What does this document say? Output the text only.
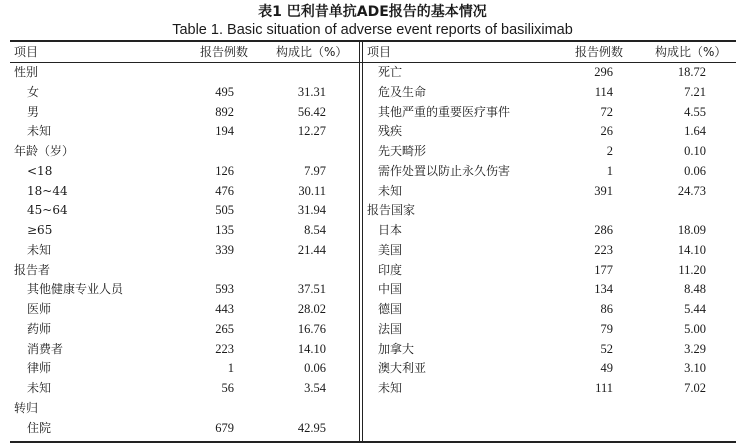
表1 巴利昔单抗ADE报告的基本情况
Table 1. Basic situation of adverse event reports of basiliximab
项目	报告例数 构成比（%） 项目	报告例数	构成比（%）
性别
女	495	31.31
男	892	56.42
未知	194	12.27
年龄（岁）
<18	126	7.97
18~44	476	30.11
45~64	505	31.94
≥65	135	8.54
未知	339	21.44
报告者
其他健康专业人员	593	37.51
医师	443	28.02
药师	265	16.76
消费者	223	14.10
律师	1	0.06
未知	56	3.54
转归
住院	679	42.95
死亡	296	18.72
危及生命	114	7.21
其他严重的重要医疗事件	72	4.55
残疾	26	1.64
先天畸形	2	0.10
需作处置以防止永久伤害	1	0.06
未知	391	24.73
报告国家
日本	286	18.09
美国	223	14.10
印度	177	11.20
中国	134	8.48
德国	86	5.44
法国	79	5.00
加拿大	52	3.29
澳大利亚	49	3.10
未知	111	7.02
